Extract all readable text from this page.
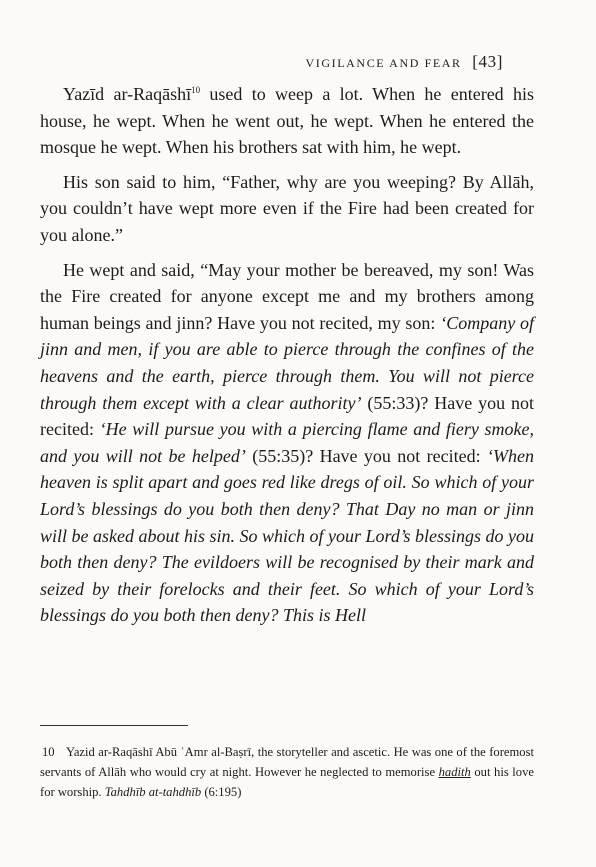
VIGILANCE AND FEAR [43]

Yazīd ar-Raqāshī$^{10}$ used to weep a lot. When he entered his house, he wept. When he went out, he wept. When he entered the mosque he wept. When his brothers sat with him, he wept.

His son said to him, “Father, why are you weeping? By Allāh, you couldn’t have wept more even if the Fire had been created for you alone.”

He wept and said, “May your mother be bereaved, my son! Was the Fire created for anyone except me and my brothers among human beings and jinn? Have you not recited, my son: ‘Company of jinn and men, if you are able to pierce through the confines of the heavens and the earth, pierce through them. You will not pierce through them except with a clear authority’ (55:33)? Have you not recited: ‘He will pursue you with a piercing flame and fiery smoke, and you will not be helped’ (55:35)? Have you not recited: ‘When heaven is split apart and goes red like dregs of oil. So which of your Lord’s blessings do you both then deny? That Day no man or jinn will be asked about his sin. So which of your Lord’s blessings do you both then deny? The evildoers will be recognised by their mark and seized by their forelocks and their feet. So which of your Lord’s blessings do you both then deny? This is Hell

10 Yazid ar-Raqāshī Abū ʿAmr al-Baṣrī, the storyteller and ascetic. He was one of the foremost servants of Allāh who would cry at night. However he neglected to memorise hadith out his love for worship. Tahdhīb at-tahdhīb (6:195)
